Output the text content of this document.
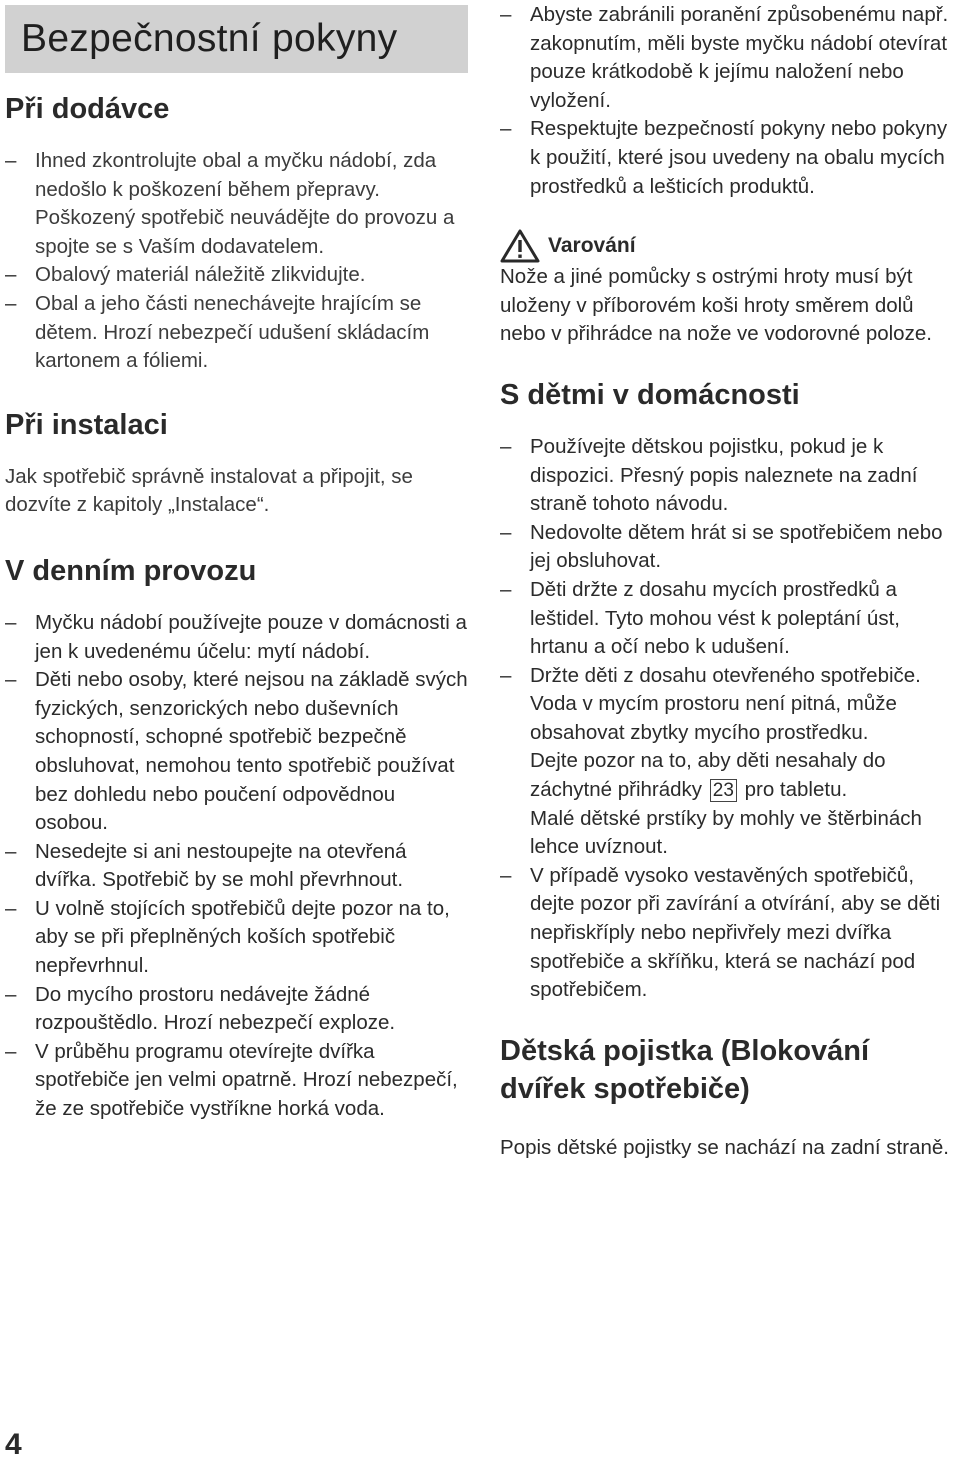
Bezpečnostní pokyny
Při dodávce
– Ihned zkontrolujte obal a myčku nádobí, zda nedošlo k poškození během přepravy. Poškozený spotřebič neuvádějte do provozu a spojte se s Vaším dodavatelem.
– Obalový materiál náležitě zlikvidujte.
– Obal a jeho části nenechávejte hrajícím se dětem. Hrozí nebezpečí udušení skládacím kartonem a fóliemi.
Při instalaci

Jak spotřebič správně instalovat a připojit, se dozvíte z kapitoly „Instalace“.

V denním provozu
– Myčku nádobí používejte pouze v domácnosti a jen k uvedenému účelu: mytí nádobí.
– Děti nebo osoby, které nejsou na základě svých fyzických, senzorických nebo duševních schopností, schopné spotřebič bezpečně obsluhovat, nemohou tento spotřebič používat bez dohledu nebo poučení odpovědnou osobou.
– Nesedejte si ani nestoupejte na otevřená dvířka. Spotřebič by se mohl převrhnout.
– U volně stojících spotřebičů dejte pozor na to, aby se při přeplněných koších spotřebič nepřevrhnul.
– Do mycího prostoru nedávejte žádné rozpouštědlo. Hrozí nebezpečí exploze.
– V průběhu programu otevírejte dvířka spotřebiče jen velmi opatrně. Hrozí nebezpečí, že ze spotřebiče vystříkne horká voda.
– Abyste zabránili poranění způsobenému např. zakopnutím, měli byste myčku nádobí otevírat pouze krátkodobě k jejímu naložení nebo vyložení.
– Respektujte bezpečností pokyny nebo pokyny k použití, které jsou uvedeny na obalu mycích prostředků a lešticích produktů.
Varování

Nože a jiné pomůcky s ostrými hroty musí být uloženy v příborovém koši hroty směrem dolů nebo v přihrádce na nože ve vodorovné poloze.

S dětmi v domácnosti
– Používejte dětskou pojistku, pokud je k dispozici. Přesný popis naleznete na zadní straně tohoto návodu.
– Nedovolte dětem hrát si se spotřebičem nebo jej obsluhovat.
– Děti držte z dosahu mycích prostředků a leštidel. Tyto mohou vést k poleptání úst, hrtanu a očí nebo k udušení.
– Držte děti z dosahu otevřeného spotřebiče. Voda v mycím prostoru není pitná, může obsahovat zbytky mycího prostředku.
Dejte pozor na to, aby děti nesahaly do záchytné přihrádky 23 pro tabletu.
Malé dětské prstíky by mohly ve štěrbinách lehce uvíznout.
– V případě vysoko vestavěných spotřebičů, dejte pozor při zavírání a otvírání, aby se děti nepřiskříply nebo nepřivřely mezi dvířka spotřebiče a skříňku, která se nachází pod spotřebičem.
Dětská pojistka (Blokování dvířek spotřebiče)

Popis dětské pojistky se nachází na zadní straně.

4
